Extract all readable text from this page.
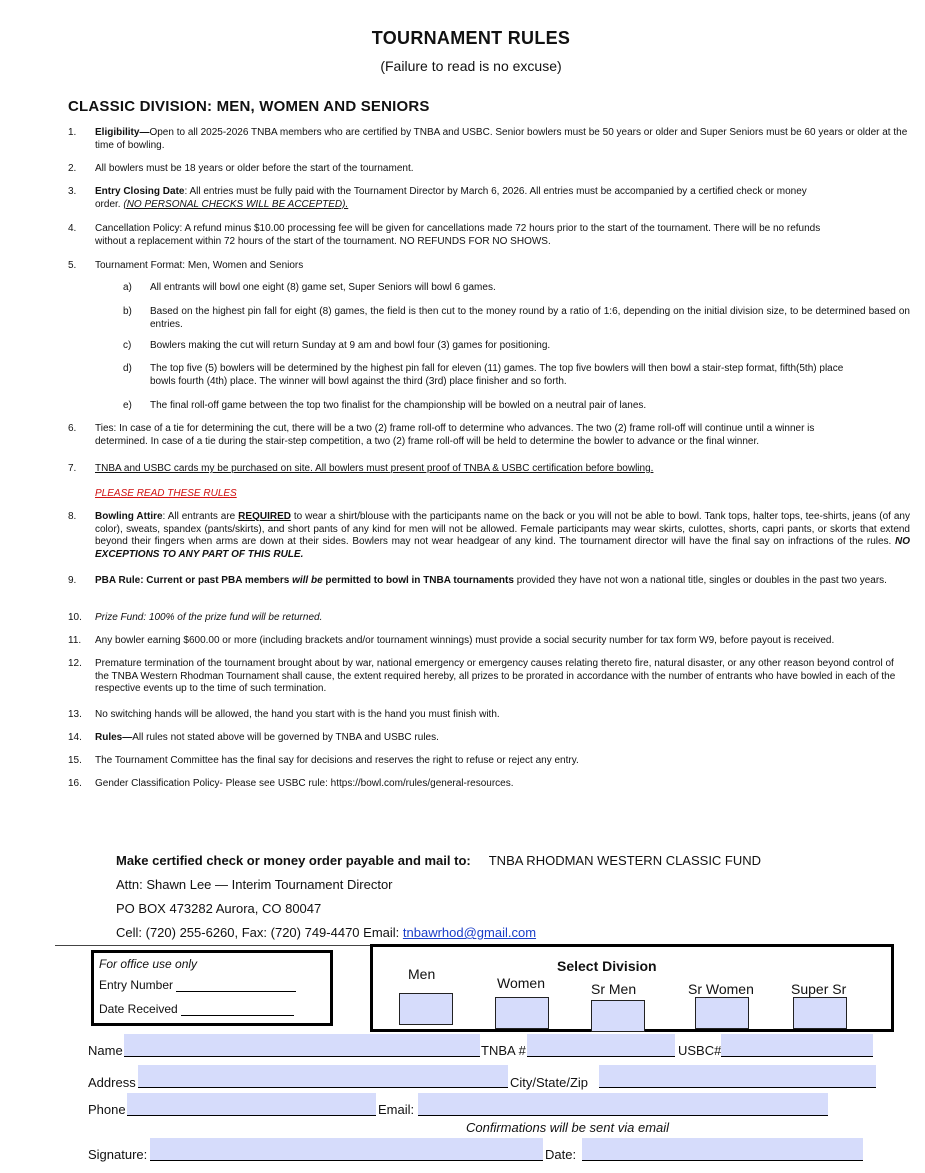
TOURNAMENT RULES
(Failure to read is no excuse)
CLASSIC DIVISION: MEN, WOMEN AND SENIORS
1. Eligibility—Open to all 2025-2026 TNBA members who are certified by TNBA and USBC. Senior bowlers must be 50 years or older and Super Seniors must be 60 years or older at the time of bowling.
2. All bowlers must be 18 years or older before the start of the tournament.
3. Entry Closing Date: All entries must be fully paid with the Tournament Director by March 6, 2026. All entries must be accompanied by a certified check or money order. (NO PERSONAL CHECKS WILL BE ACCEPTED).
4. Cancellation Policy: A refund minus $10.00 processing fee will be given for cancellations made 72 hours prior to the start of the tournament. There will be no refunds without a replacement within 72 hours of the start of the tournament. NO REFUNDS FOR NO SHOWS.
5. Tournament Format: Men, Women and Seniors
a) All entrants will bowl one eight (8) game set, Super Seniors will bowl 6 games.
b) Based on the highest pin fall for eight (8) games, the field is then cut to the money round by a ratio of 1:6, depending on the initial division size, to be determined based on entries.
c) Bowlers making the cut will return Sunday at 9 am and bowl four (3) games for positioning.
d) The top five (5) bowlers will be determined by the highest pin fall for eleven (11) games. The top five bowlers will then bowl a stair-step format, fifth(5th) place bowls fourth (4th) place. The winner will bowl against the third (3rd) place finisher and so forth.
e) The final roll-off game between the top two finalist for the championship will be bowled on a neutral pair of lanes.
6. Ties: In case of a tie for determining the cut, there will be a two (2) frame roll-off to determine who advances. The two (2) frame roll-off will continue until a winner is determined. In case of a tie during the stair-step competition, a two (2) frame roll-off will be held to determine the bowler to advance or the final winner.
7. TNBA and USBC cards my be purchased on site. All bowlers must present proof of TNBA & USBC certification before bowling.
PLEASE READ THESE RULES
8. Bowling Attire: All entrants are REQUIRED to wear a shirt/blouse with the participants name on the back or you will not be able to bowl. Tank tops, halter tops, tee-shirts, jeans (of any color), sweats, spandex (pants/skirts), and short pants of any kind for men will not be allowed. Female participants may wear skirts, culottes, shorts, capri pants, or skorts that extend beyond their fingers when arms are down at their sides. Bowlers may not wear headgear of any kind. The tournament director will have the final say on infractions of the rules. NO EXCEPTIONS TO ANY PART OF THIS RULE.
9. PBA Rule: Current or past PBA members will be permitted to bowl in TNBA tournaments provided they have not won a national title, singles or doubles in the past two years.
10. Prize Fund: 100% of the prize fund will be returned.
11. Any bowler earning $600.00 or more (including brackets and/or tournament winnings) must provide a social security number for tax form W9, before payout is received.
12. Premature termination of the tournament brought about by war, national emergency or emergency causes relating thereto fire, natural disaster, or any other reason beyond control of the TNBA Western Rhodman Tournament shall cause, the extent required hereby, all prizes to be prorated in accordance with the number of entrants who have bowled in each of the respective events up to the time of such termination.
13. No switching hands will be allowed, the hand you start with is the hand you must finish with.
14. Rules—All rules not stated above will be governed by TNBA and USBC rules.
15. The Tournament Committee has the final say for decisions and reserves the right to refuse or reject any entry.
16. Gender Classification Policy- Please see USBC rule: https://bowl.com/rules/general-resources.
Make certified check or money order payable and mail to: TNBA RHODMAN WESTERN CLASSIC FUND
Attn: Shawn Lee — Interim Tournament Director
PO BOX 473282 Aurora, CO 80047
Cell: (720) 255-6260, Fax: (720) 749-4470 Email: tnbawrhod@gmail.com
For office use only
Entry Number
Date Received
Select Division
Men
Women	Sr Men	Sr Women	Super Sr
Name	TNBA #	USBC#
Address	City/State/Zip
Phone	Email:
Confirmations will be sent via email
Signature:	Date:
